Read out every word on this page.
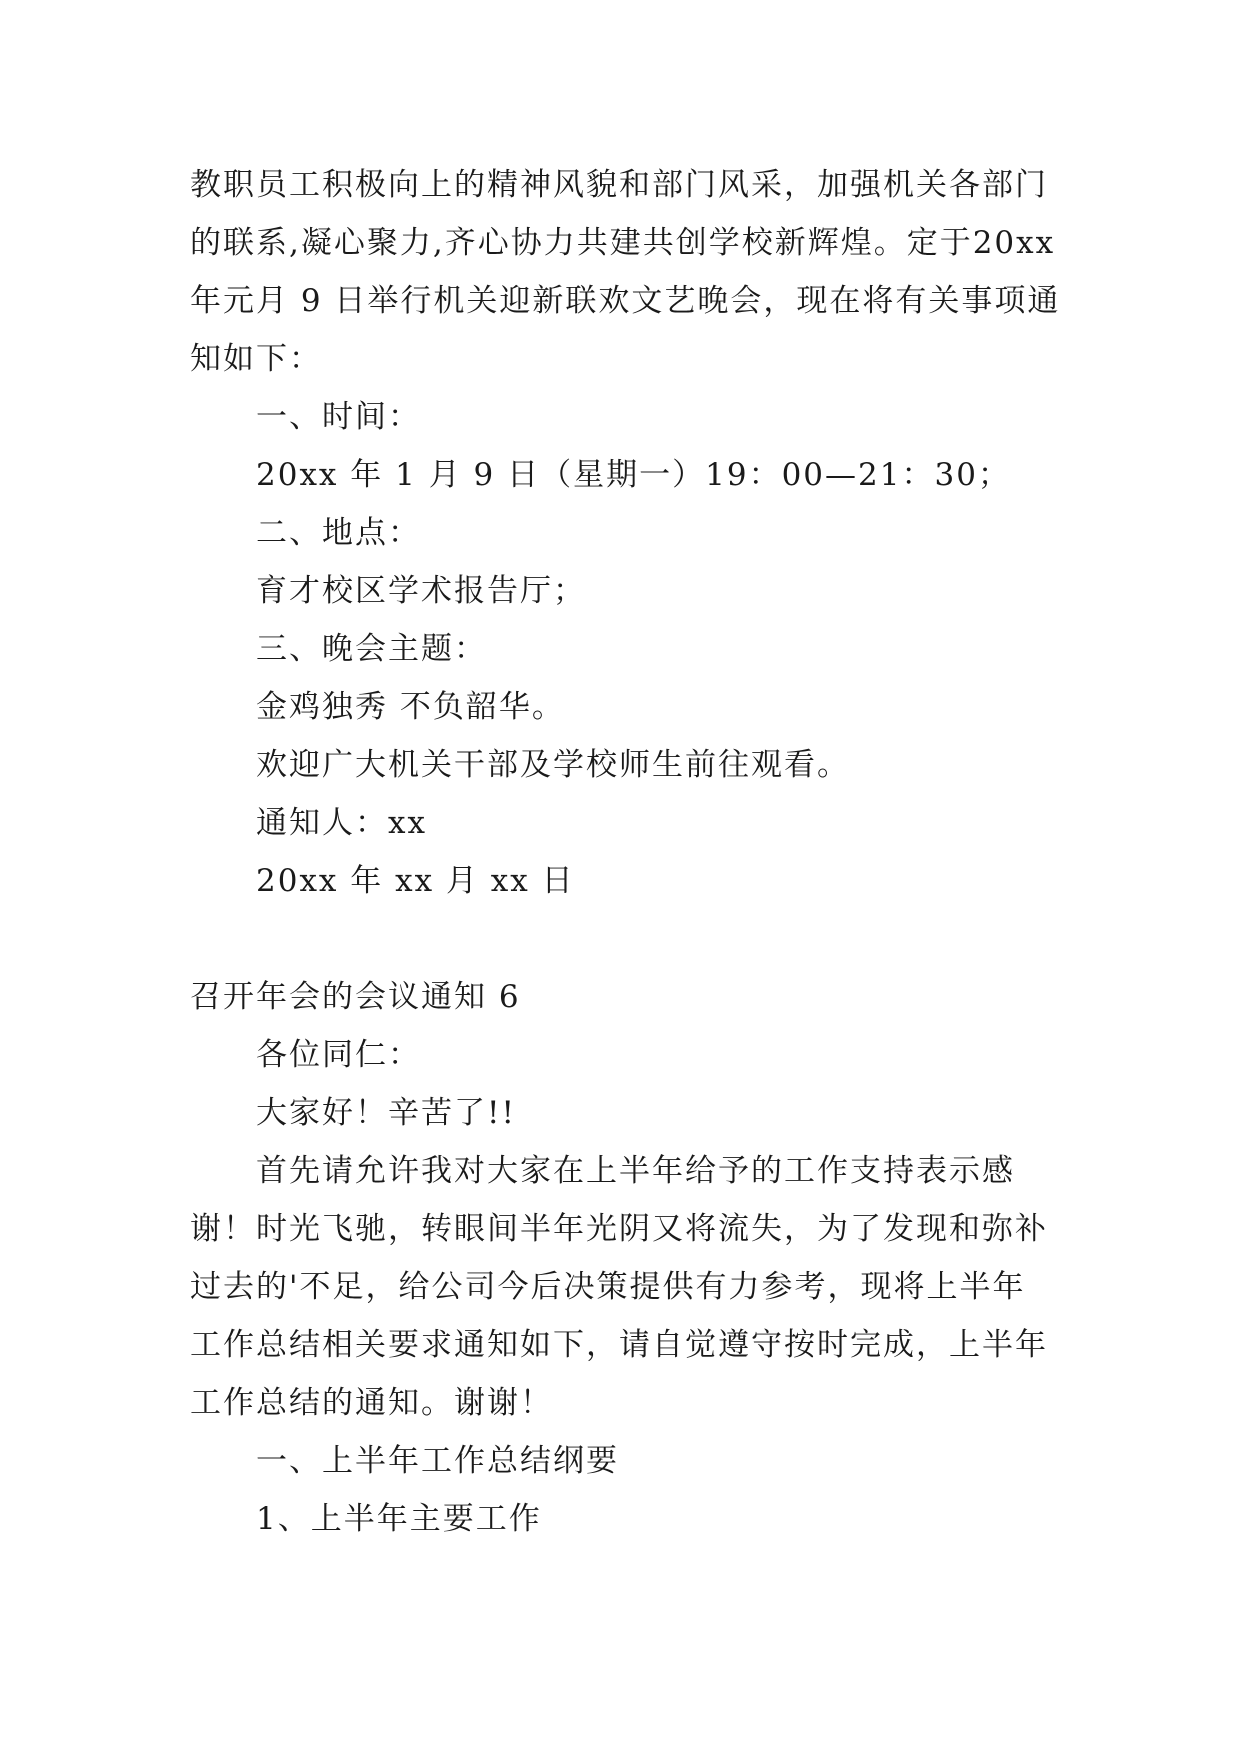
教职员工积极向上的精神风貌和部门风采，加强机关各部门

的联系,凝心聚力,齐心协力共建共创学校新辉煌。定于20xx

年元月 9 日举行机关迎新联欢文艺晚会，现在将有关事项通

知如下：

一、时间：

20xx 年 1 月 9 日（星期一）19：00—21：30；

二、地点：

育才校区学术报告厅；

三、晚会主题：

金鸡独秀 不负韶华。

欢迎广大机关干部及学校师生前往观看。

通知人：xx

20xx 年 xx 月 xx 日

召开年会的会议通知 6

各位同仁：

大家好！辛苦了!!

首先请允许我对大家在上半年给予的工作支持表示感

谢！时光飞驰，转眼间半年光阴又将流失，为了发现和弥补

过去的'不足，给公司今后决策提供有力参考，现将上半年

工作总结相关要求通知如下，请自觉遵守按时完成，上半年

工作总结的通知。谢谢！

一、上半年工作总结纲要

1、上半年主要工作
